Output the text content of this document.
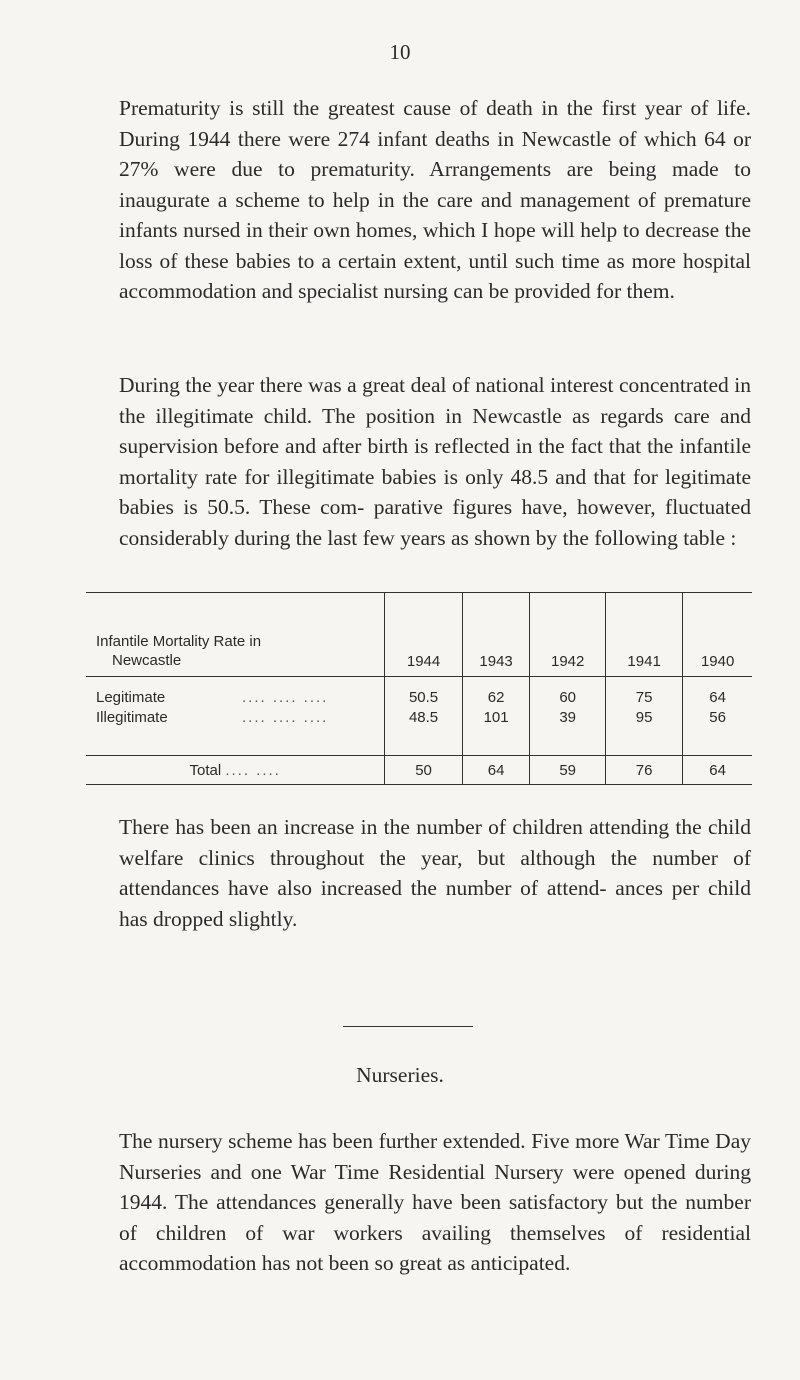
10

Prematurity is still the greatest cause of death in the first year of life. During 1944 there were 274 infant deaths in Newcastle of which 64 or 27% were due to prematurity. Arrangements are being made to inaugurate a scheme to help in the care and management of premature infants nursed in their own homes, which I hope will help to decrease the loss of these babies to a certain extent, until such time as more hospital accommodation and specialist nursing can be provided for them.

During the year there was a great deal of national interest concentrated in the illegitimate child. The position in Newcastle as regards care and supervision before and after birth is reflected in the fact that the infantile mortality rate for illegitimate babies is only 48.5 and that for legitimate babies is 50.5. These com- parative figures have, however, fluctuated considerably during the last few years as shown by the following table :

Infantile Mortality Rate in
Newcastle	1944	1943	1942	1941	1940
Legitimate .... .... ....	50.5	62	60	75	64
Illegitimate .... .... ....	48.5	101	39	95	56

Total .... ....	50	64	59	76	64

There has been an increase in the number of children attending the child welfare clinics throughout the year, but although the number of attendances have also increased the number of attend- ances per child has dropped slightly.

Nurseries.

The nursery scheme has been further extended. Five more War Time Day Nurseries and one War Time Residential Nursery were opened during 1944. The attendances generally have been satisfactory but the number of children of war workers availing themselves of residential accommodation has not been so great as anticipated.
